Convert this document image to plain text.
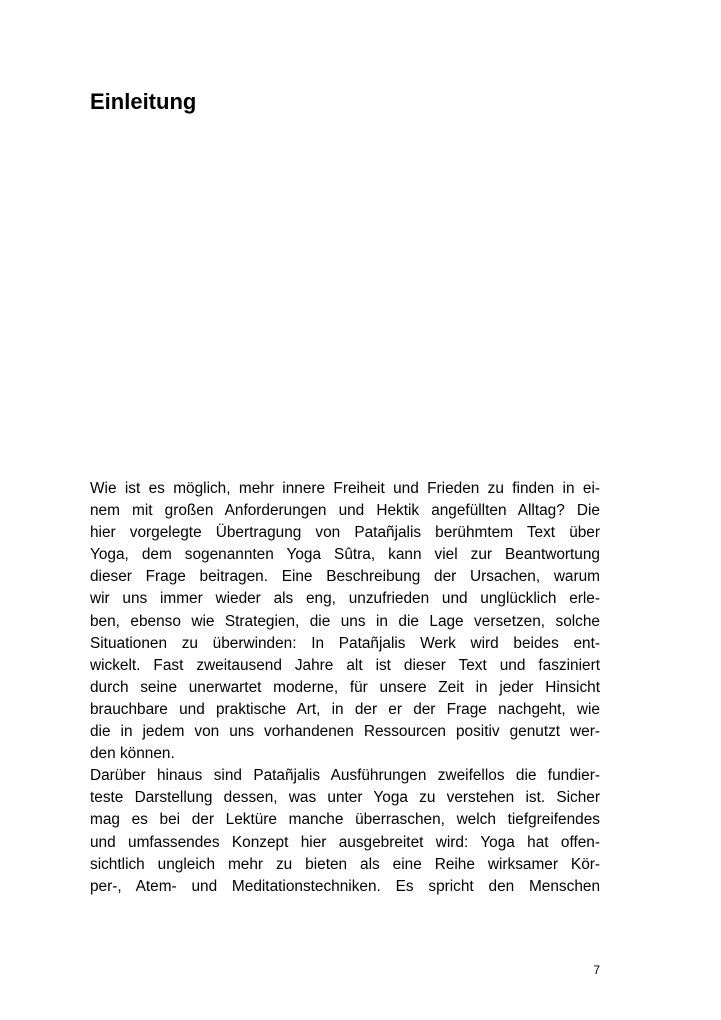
Einleitung
Wie ist es möglich, mehr innere Freiheit und Frieden zu finden in ei-
nem mit großen Anforderungen und Hektik angefüllten Alltag? Die
hier vorgelegte Übertragung von Patañjalis berühmtem Text über
Yoga, dem sogenannten Yoga Sûtra, kann viel zur Beantwortung
dieser Frage beitragen. Eine Beschreibung der Ursachen, warum
wir uns immer wieder als eng, unzufrieden und unglücklich erle-
ben, ebenso wie Strategien, die uns in die Lage versetzen, solche
Situationen zu überwinden: In Patañjalis Werk wird beides ent-
wickelt. Fast zweitausend Jahre alt ist dieser Text und fasziniert
durch seine unerwartet moderne, für unsere Zeit in jeder Hinsicht
brauchbare und praktische Art, in der er der Frage nachgeht, wie
die in jedem von uns vorhandenen Ressourcen positiv genutzt wer-
den können.
Darüber hinaus sind Patañjalis Ausführungen zweifellos die fundier-
teste Darstellung dessen, was unter Yoga zu verstehen ist. Sicher
mag es bei der Lektüre manche überraschen, welch tiefgreifendes
und umfassendes Konzept hier ausgebreitet wird: Yoga hat offen-
sichtlich ungleich mehr zu bieten als eine Reihe wirksamer Kör-
per-, Atem- und Meditationstechniken. Es spricht den Menschen
7
